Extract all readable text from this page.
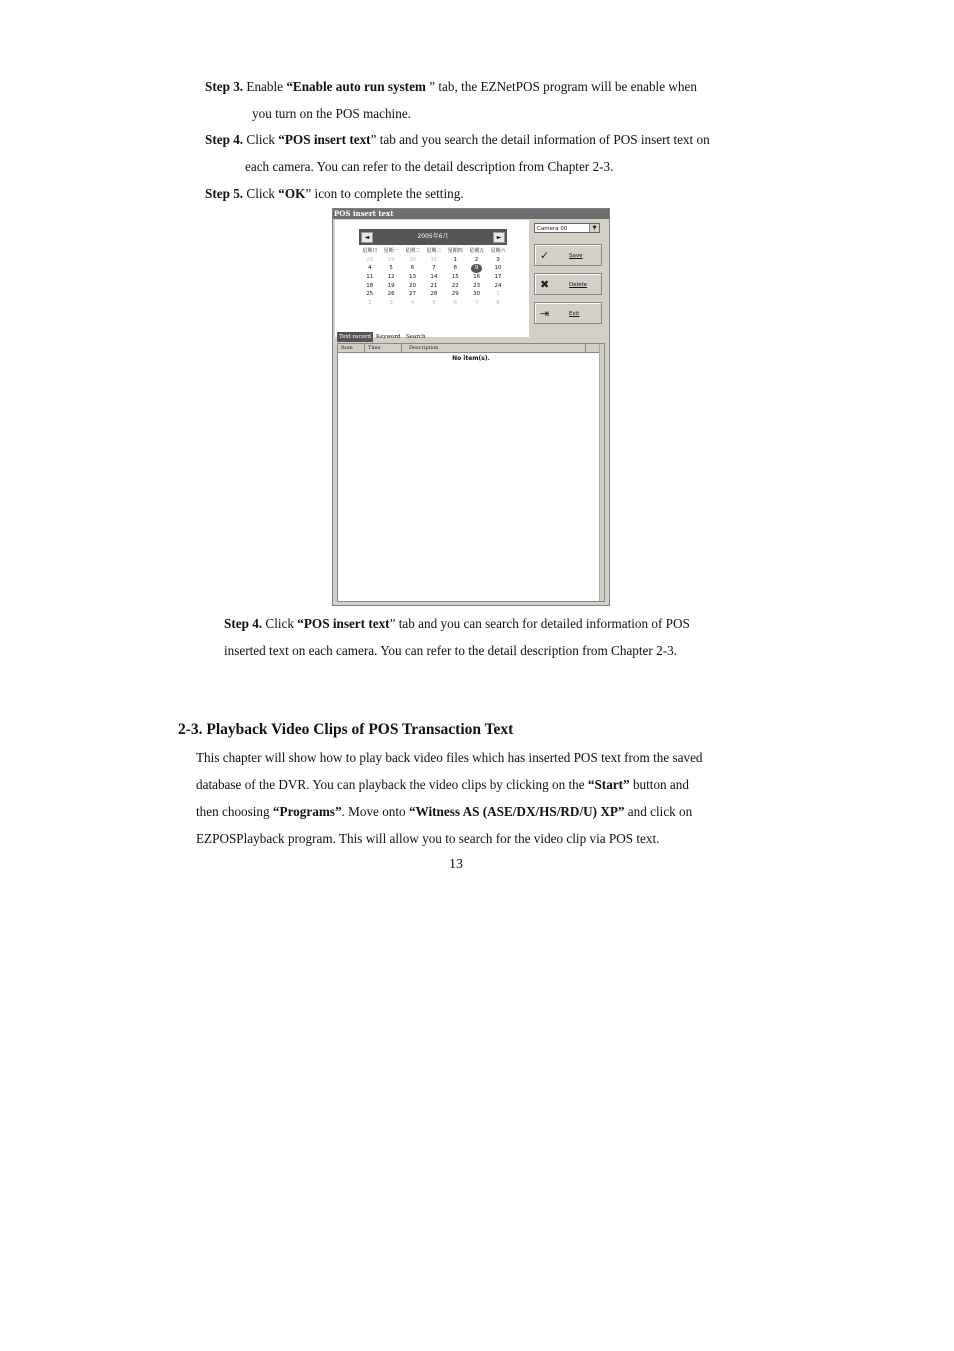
Step 3. Enable “Enable auto run system ” tab, the EZNetPOS program will be enable when
you turn on the POS machine.
Step 4. Click “POS insert text” tab and you search the detail information of POS insert text on
each camera. You can refer to the detail description from Chapter 2-3.
Step 5. Click “OK” icon to complete the setting.
POS insert text
◄	2005年6月	►
星期日	星期一	星期二	星期三	星期四	星期五	星期六
28	29	30	31	1	2	3
4	5	6	7	8	9	10
11	12	13	14	15	16	17
18	19	20	21	22	23	24
25	26	27	28	29	30	1
2	3	4	5	6	7	8
Camera 00	▼
✓	Save
✖	Delete
⇥	Exit
Text record Keyword	Search
Item	Time	Description
No item(s).
Step 4. Click “POS insert text” tab and you can search for detailed information of POS
inserted text on each camera. You can refer to the detail description from Chapter 2-3.
2-3. Playback Video Clips of POS Transaction Text
This chapter will show how to play back video files which has inserted POS text from the saved
database of the DVR. You can playback the video clips by clicking on the “Start” button and
then choosing “Programs”. Move onto “Witness AS (ASE/DX/HS/RD/U) XP” and click on
EZPOSPlayback program. This will allow you to search for the video clip via POS text.
13
